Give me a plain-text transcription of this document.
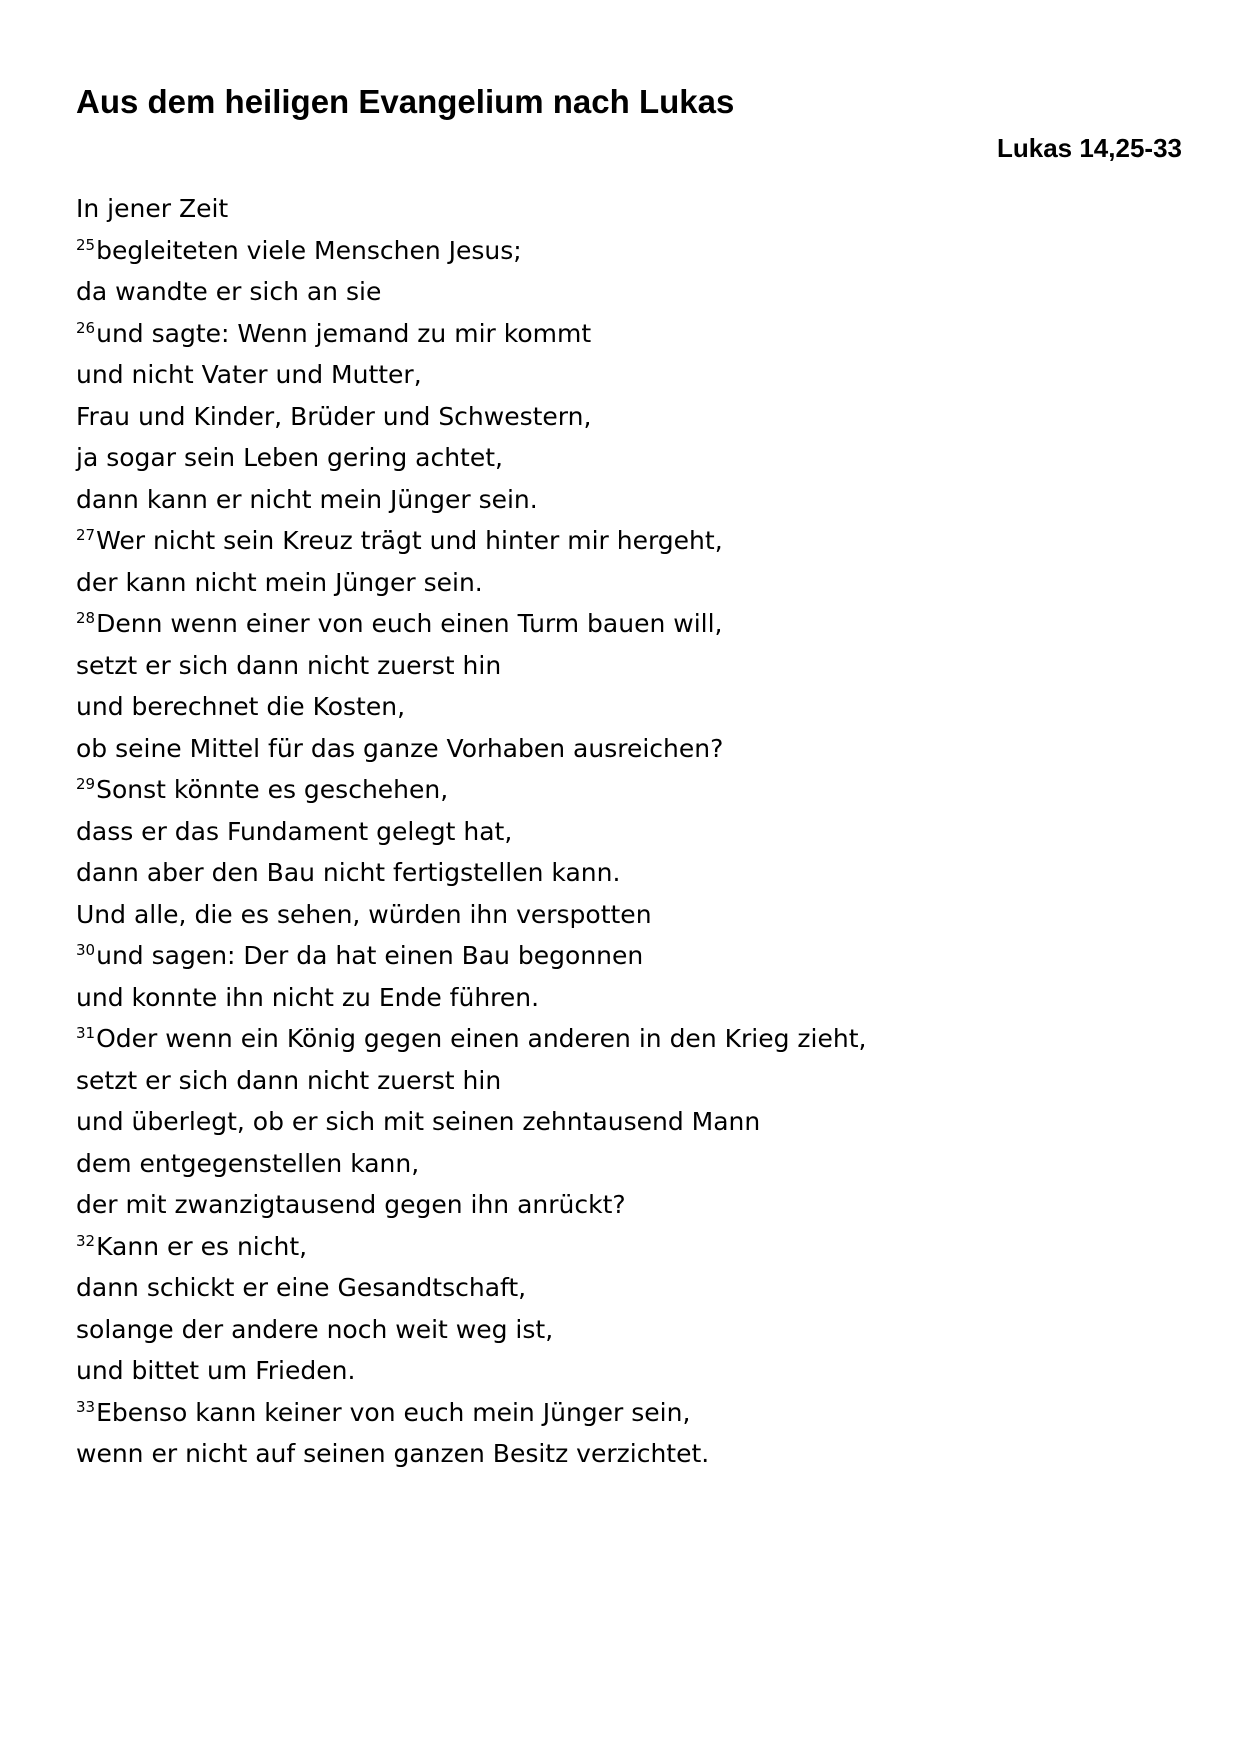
Aus dem heiligen Evangelium nach Lukas
Lukas 14,25-33
In jener Zeit
$^{25}$begleiteten viele Menschen Jesus;
da wandte er sich an sie
$^{26}$und sagte: Wenn jemand zu mir kommt
und nicht Vater und Mutter,
Frau und Kinder, Brüder und Schwestern,
ja sogar sein Leben gering achtet,
dann kann er nicht mein Jünger sein.
$^{27}$Wer nicht sein Kreuz trägt und hinter mir hergeht,
der kann nicht mein Jünger sein.
$^{28}$Denn wenn einer von euch einen Turm bauen will,
setzt er sich dann nicht zuerst hin
und berechnet die Kosten,
ob seine Mittel für das ganze Vorhaben ausreichen?
$^{29}$Sonst könnte es geschehen,
dass er das Fundament gelegt hat,
dann aber den Bau nicht fertigstellen kann.
Und alle, die es sehen, würden ihn verspotten
$^{30}$und sagen: Der da hat einen Bau begonnen
und konnte ihn nicht zu Ende führen.
$^{31}$Oder wenn ein König gegen einen anderen in den Krieg zieht,
setzt er sich dann nicht zuerst hin
und überlegt, ob er sich mit seinen zehntausend Mann
dem entgegenstellen kann,
der mit zwanzigtausend gegen ihn anrückt?
$^{32}$Kann er es nicht,
dann schickt er eine Gesandtschaft,
solange der andere noch weit weg ist,
und bittet um Frieden.
$^{33}$Ebenso kann keiner von euch mein Jünger sein,
wenn er nicht auf seinen ganzen Besitz verzichtet.
